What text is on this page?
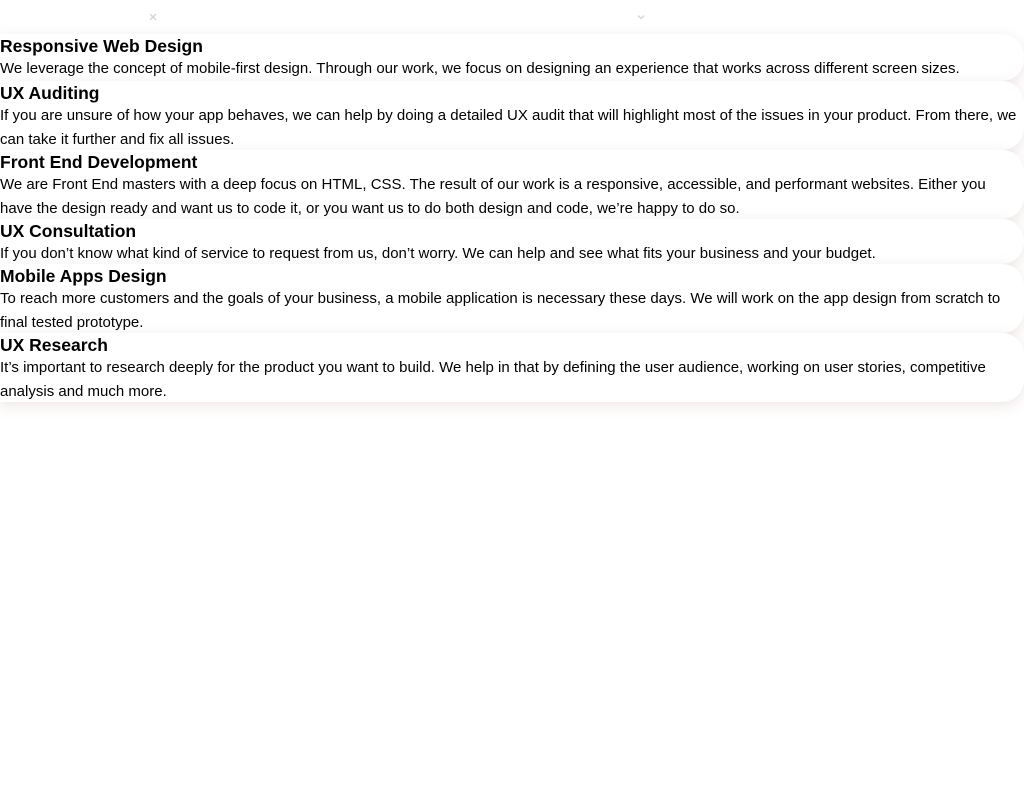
Responsive Web Design

We leverage the concept of mobile-first design. Through our work, we focus on designing an experience that works across different screen sizes.

UX Auditing

If you are unsure of how your app behaves, we can help by doing a detailed UX audit that will highlight most of the issues in your product. From there, we can take it further and fix all issues.

Front End Development

We are Front End masters with a deep focus on HTML, CSS. The result of our work is a responsive, accessible, and performant websites. Either you have the design ready and want us to code it, or you want us to do both design and code, we’re happy to do so.

UX Consultation

If you don’t know what kind of service to request from us, don’t worry. We can help and see what fits your business and your budget.

Mobile Apps Design

To reach more customers and the goals of your business, a mobile application is necessary these days. We will work on the app design from scratch to final tested prototype.

UX Research

It’s important to research deeply for the product you want to build. We help in that by defining the user audience, working on user stories, competitive analysis and much more.
